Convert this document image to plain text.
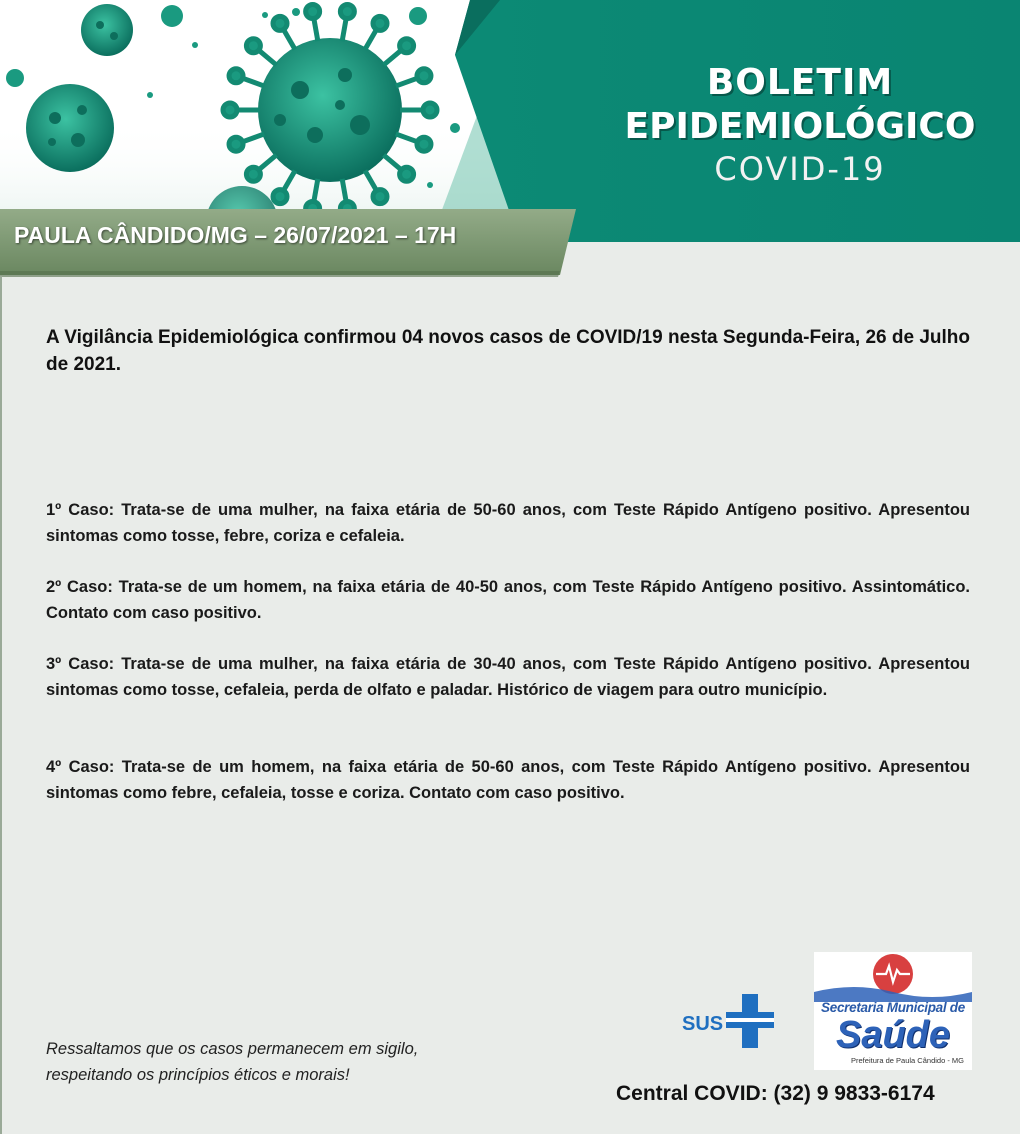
BOLETIM
EPIDEMIOLÓGICO
COVID-19
PAULA CÂNDIDO/MG – 26/07/2021 – 17H
A Vigilância Epidemiológica confirmou 04 novos casos de COVID/19 nesta Segunda-Feira, 26 de Julho de 2021.
1º Caso: Trata-se de uma mulher, na faixa etária de 50-60 anos, com Teste Rápido Antígeno positivo. Apresentou sintomas como tosse, febre, coriza e cefaleia.
2º Caso: Trata-se de um homem, na faixa etária de 40-50 anos, com Teste Rápido Antígeno positivo. Assintomático. Contato com caso positivo.
3º Caso: Trata-se de uma mulher, na faixa etária de 30-40 anos, com Teste Rápido Antígeno positivo. Apresentou sintomas como tosse, cefaleia, perda de olfato e paladar. Histórico de viagem para outro município.
4º Caso: Trata-se de um homem, na faixa etária de 50-60 anos, com Teste Rápido Antígeno positivo. Apresentou sintomas como febre, cefaleia, tosse e coriza. Contato com caso positivo.
Ressaltamos que os casos permanecem em sigilo,
respeitando os princípios éticos e morais!
SUS
Secretaria Municipal de
Saúde
Prefeitura de Paula Cândido - MG
Central COVID: (32) 9 9833-6174
